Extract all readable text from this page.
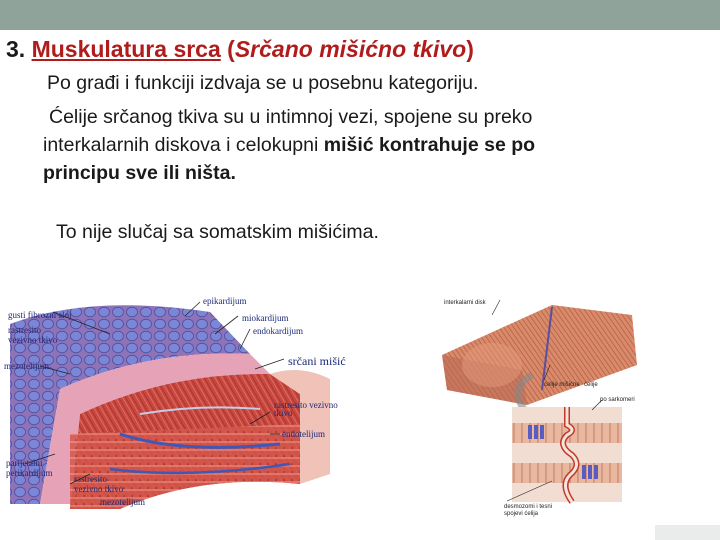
3. Muskulatura srca (Srčano mišićno tkivo)

Po građi i funkciji izdvaja se u posebnu kategoriju.

Ćelije srčanog tkiva su u intimnoj vezi, spojene su preko

interkalarnih diskova i celokupni mišić kontrahuje se po

principu sve ili ništa.

To nije slučaj sa somatskim mišićima.

gusti fibrozni sloj
rastresito
vezivno tkivo
mezotelijum
epikardijum
miokardijum
endokardijum
srčani mišić
rastresito vezivno
tkivo
endotelijum
parijetalni
perikardijum
rastresito
vezivno tkivo
mezotelijum
interkalarni disk
ćelije mišićne ćelije
po sarkomeri
desmozomi i tesni
spojevi ćelija
